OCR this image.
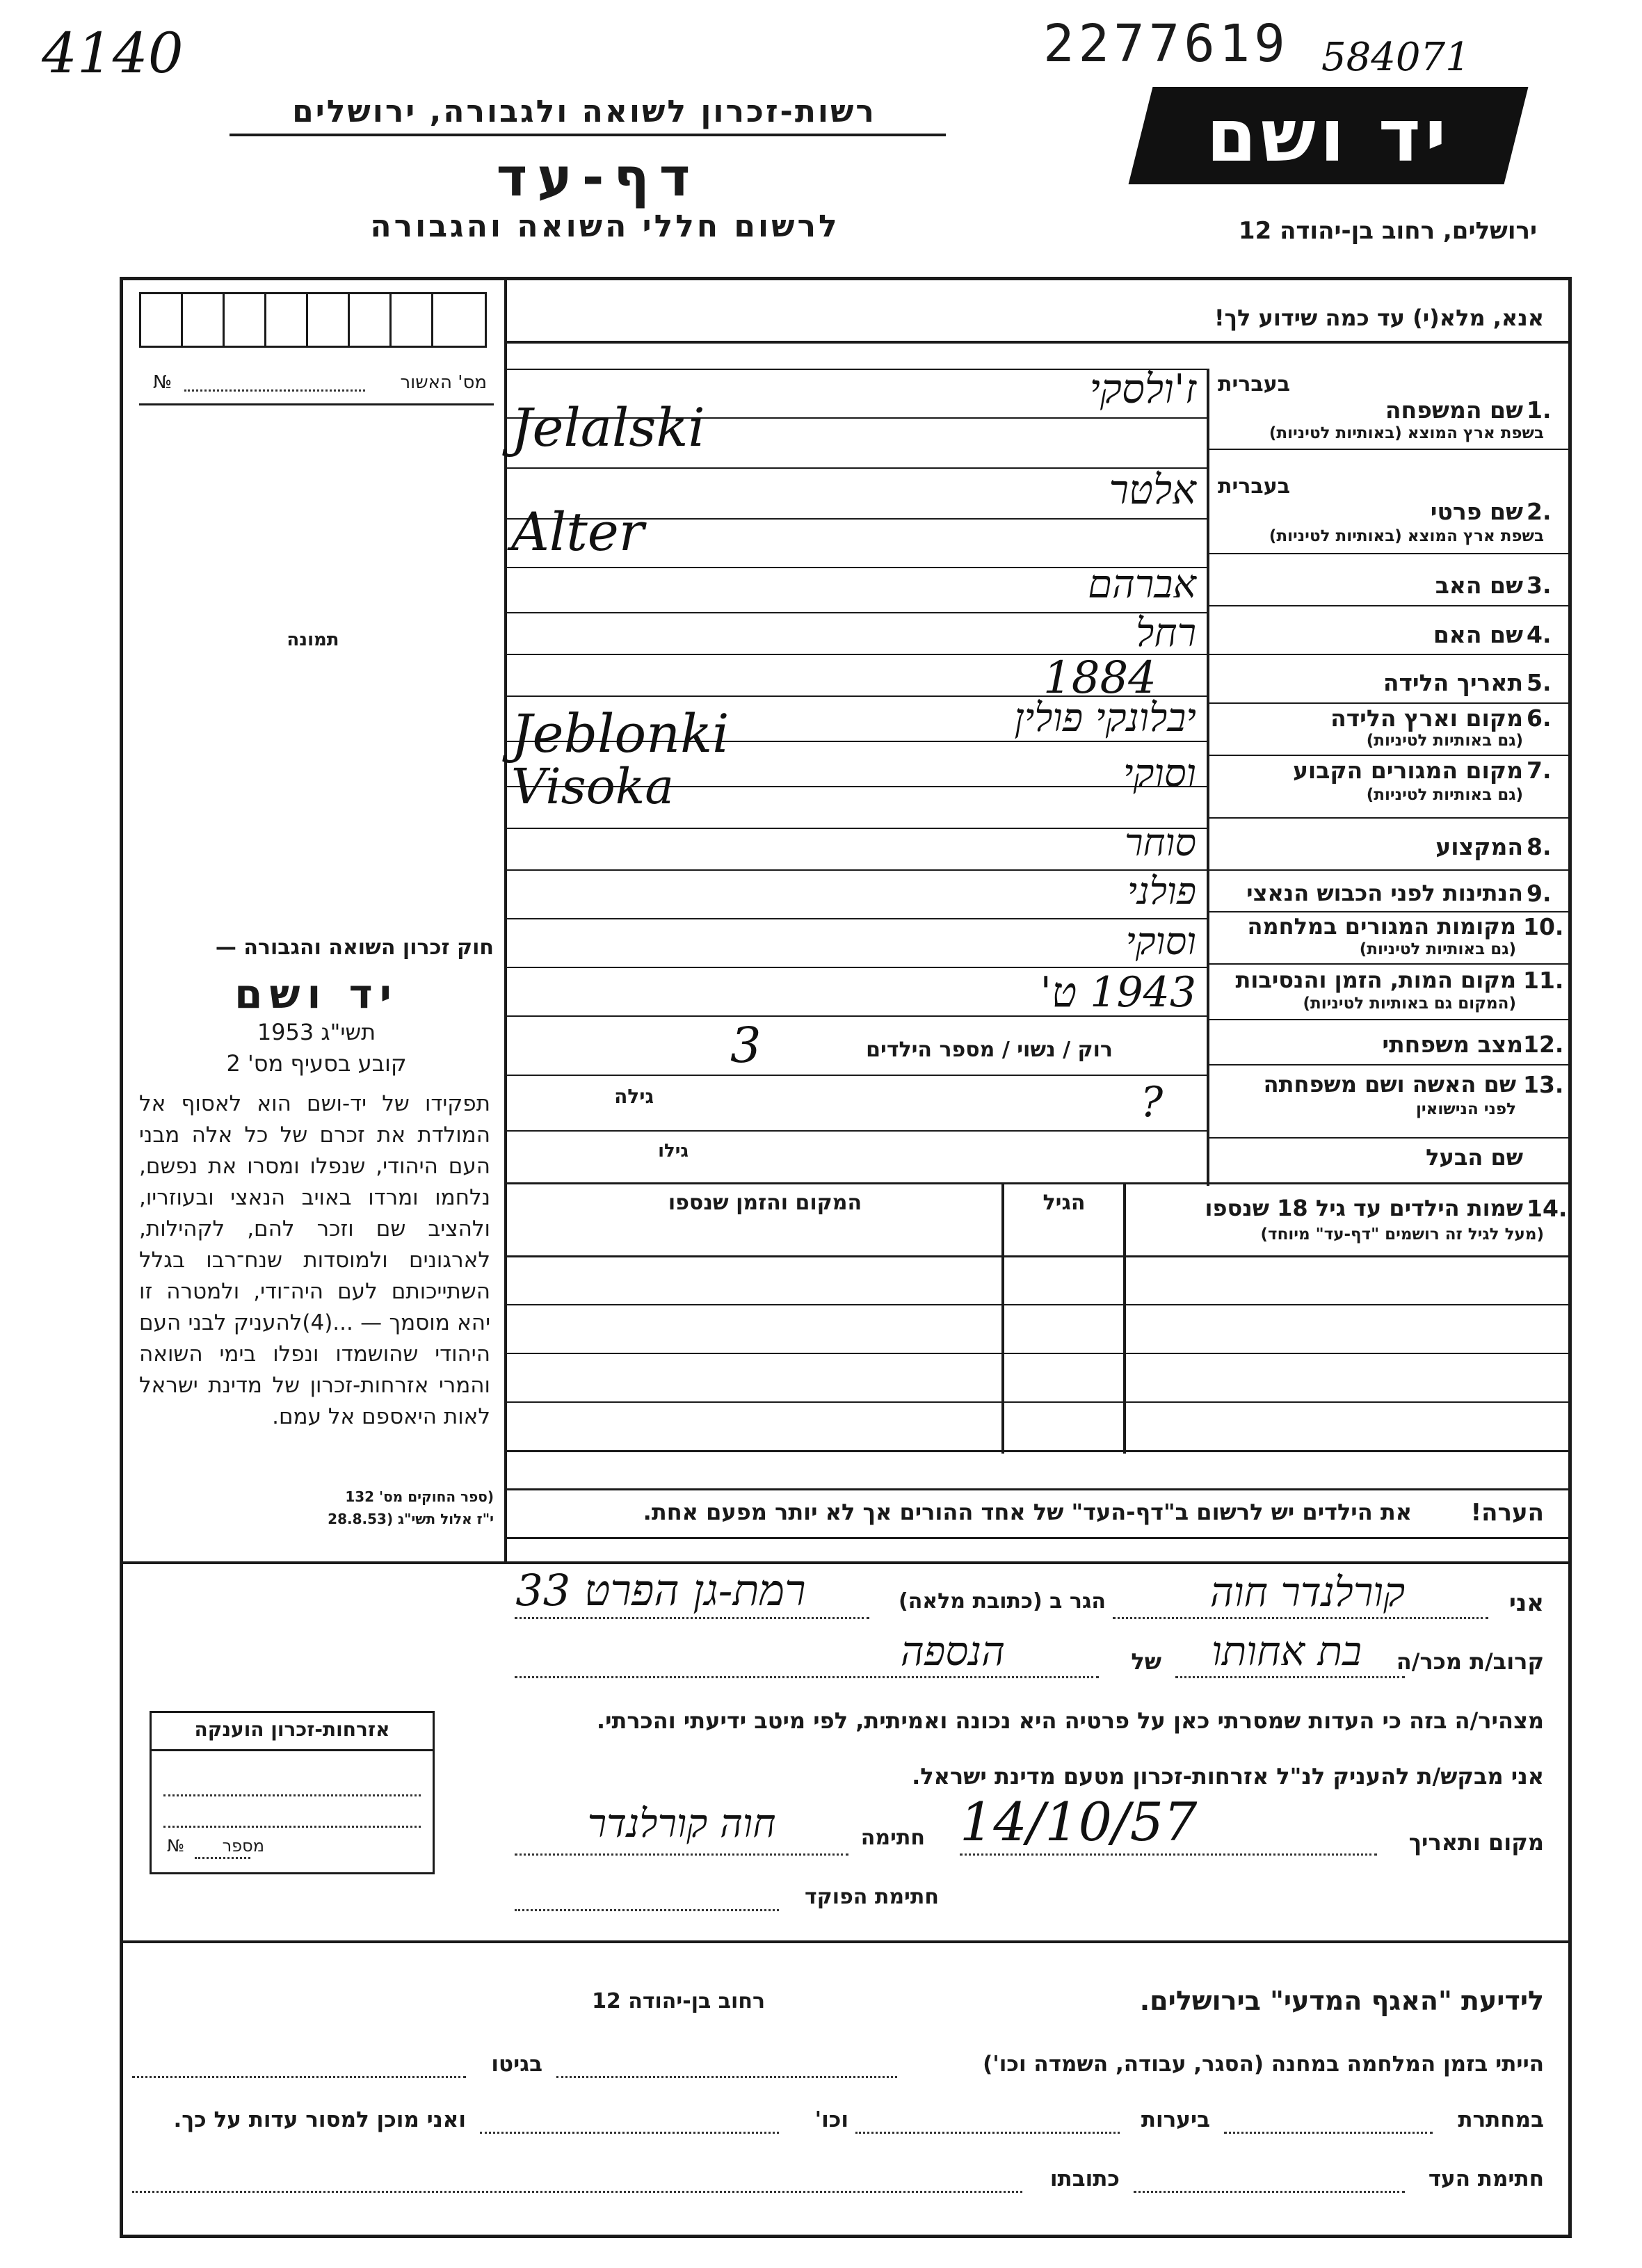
4140	2277619 584071
יד ושם
רשות-זכרון לשואה ולגבורה, ירושלים
דף-עד
לרשום חללי השואה והגבורה	ירושלים, רחוב בן-יהודה 12
מס' האשור
№
תמונה
חוק זכרון השואה והגבורה —
יד ושם
תשי"ג 1953
קובע בסעיף מס' 2
תפקידו של יד-ושם הוא לאסוף אל המולדת את זכרם של כל אלה מבני העם היהודי, שנפלו ומסרו את נפשם, נלחמו ומרדו באויב הנאצי ובעוזריו, ולהציב שם וזכר להם, לקהילות, לארגונים ולמוסדות שנח־רבו בגלל השתייכותם לעם היה־ודי, ולמטרה זו יהא מוסמך — ...(4)להעניק לבני העם היהודי שהושמדו ונפלו בימי השואה והמרי אזרחות-זכרון של מדינת ישראל לאות היאספם אל עמם.
(ספר החוקים מס' 132
י"ז אלול תשי"ג (28.8.53
אנא, מלא(י) עד כמה שידוע לך!
בעברית
שם המשפחה 1.
בשפת ארץ המוצא (באותיות לטיניות)
ז'ולסקי
Jelalski
בעברית
שם פרטי 2.
בשפת ארץ המוצא (באותיות לטיניות)
אלטר
Alter
שם האב 3.
אברהם
שם האם 4.
רחל
תאריך הלידה 5.
1884
מקום וארץ הלידה 6.
(גם באותיות לטיניות)
יבלונקי פולין
Jeblonki
מקום המגורים הקבוע 7.
(גם באותיות לטיניות)
וסוקי
Visoka
המקצוע 8.
סוחר
הנתינות לפני הכבוש הנאצי 9.
פולני
מקומות המגורים במלחמה 10.
(גם באותיות לטיניות)
וסוקי
מקום המות, הזמן והנסיבות 11.
(המקום גם באותיות לטיניות)
1943 ט'
מצב משפחתי 12.
רוק / נשוי / מספר הילדים
3
שם האשה ושם משפחתה 13.
לפני הנישואין
גילה	?
שם הבעל
גילו
שמות הילדים עד גיל 18 שנספו 14.
(מעל לגיל זה רושמים "דף-עד" מיוחד)
הגיל
המקום והזמן שנספו
הערה!
את הילדים יש לרשום ב"דף-העד" של אחד ההורים אך לא יותר מפעם אחת.
אני
קורלנדר חוה
הגר ב (כתובת מלאה)
רמת-גן הפרט 33
קרוב/ת מכר/ה
בת אחותו
של
הנספה
מצהיר/ה בזה כי העדות שמסרתי כאן על פרטיה היא נכונה ואמיתית, לפי מיטב ידיעתי והכרתי.
אני מבקש/ת להעניק לנ"ל אזרחות-זכרון מטעם מדינת ישראל.
מקום ותאריך
14/10/57
חתימה
חוה קורלנדר
חתימת הפוקד
אזרחות-זכרון הוענקה
מספר
№
לידיעת "האגף המדעי" בירושלים.
רחוב בן-יהודה 12
הייתי בזמן המלחמה במחנה (הסגר, עבודה, השמדה וכו')
בגיטו
במחתרת
ביערות
וכו'
ואני מוכן למסור עדות על כך.
חתימת העד
כתובתו
